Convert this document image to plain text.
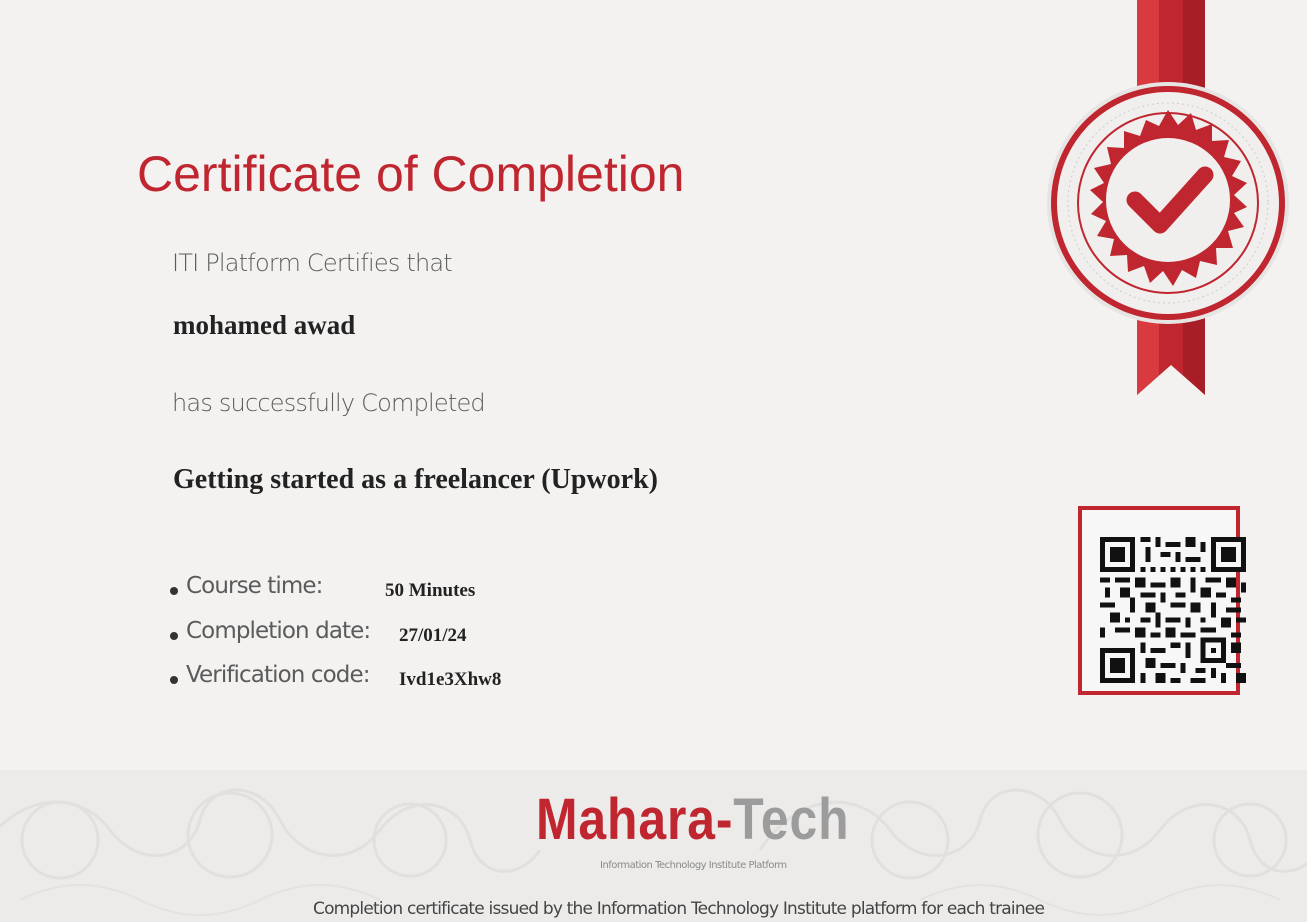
Certificate of Completion
ITI Platform Certifies that
mohamed awad
has successfully Completed
Getting started as a freelancer (Upwork)
Course time:	50 Minutes
Completion date: 27/01/24
Verification code: Ivd1e3Xhw8
Mahara-Tech
Information Technology Institute Platform
Completion certificate issued by the Information Technology Institute platform for each trainee
